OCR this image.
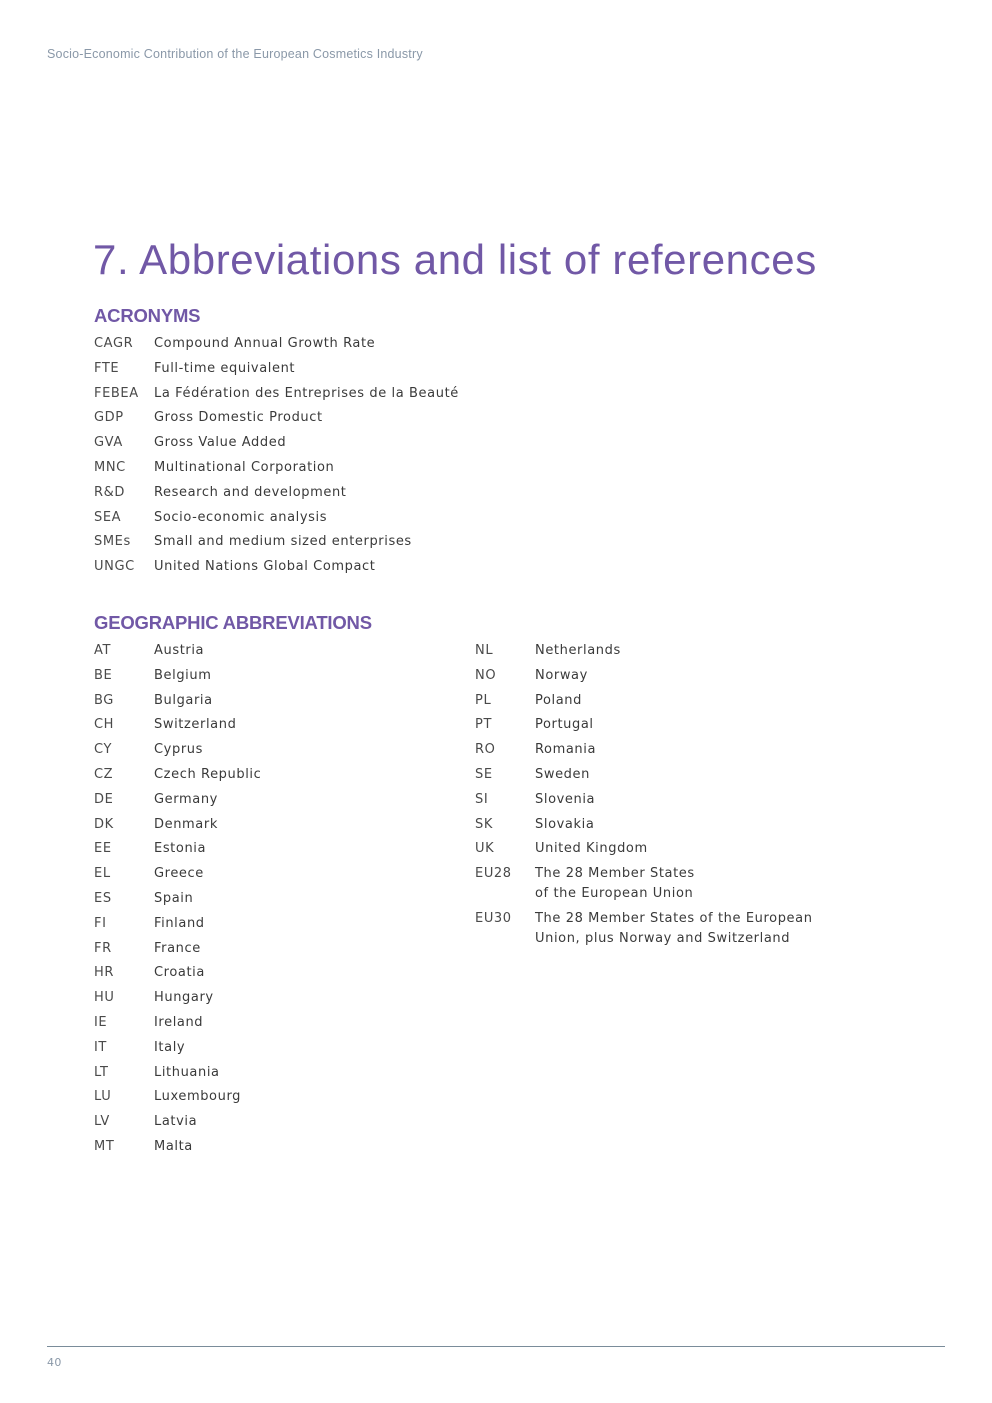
Socio-Economic Contribution of the European Cosmetics Industry
7. Abbreviations and list of references
ACRONYMS
CAGR	Compound Annual Growth Rate
FTE	Full-time equivalent
FEBEA	La Fédération des Entreprises de la Beauté
GDP	Gross Domestic Product
GVA	Gross Value Added
MNC	Multinational Corporation
R&D	Research and development
SEA	Socio-economic analysis
SMEs	Small and medium sized enterprises
UNGC	United Nations Global Compact
GEOGRAPHIC ABBREVIATIONS
AT	Austria
BE	Belgium
BG	Bulgaria
CH	Switzerland
CY	Cyprus
CZ	Czech Republic
DE	Germany
DK	Denmark
EE	Estonia
EL	Greece
ES	Spain
FI	Finland
FR	France
HR	Croatia
HU	Hungary
IE	Ireland
IT	Italy
LT	Lithuania
LU	Luxembourg
LV	Latvia
MT	Malta
NL	Netherlands
NO	Norway
PL	Poland
PT	Portugal
RO	Romania
SE	Sweden
SI	Slovenia
SK	Slovakia
UK	United Kingdom
EU28	The 28 Member States
of the European Union
EU30	The 28 Member States of the European
Union, plus Norway and Switzerland
40
